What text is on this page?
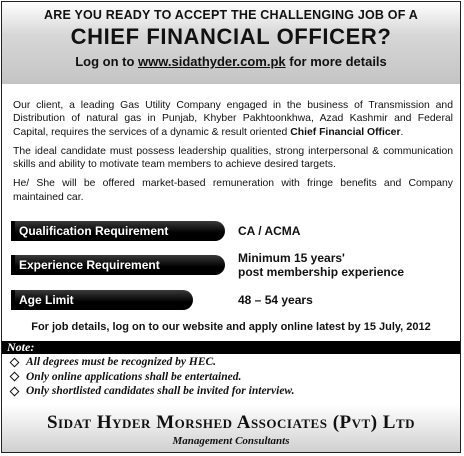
ARE YOU READY TO ACCEPT THE CHALLENGING JOB OF A
CHIEF FINANCIAL OFFICER?
Log on to www.sidathyder.com.pk for more details

Our client, a leading Gas Utility Company engaged in the business of Transmission and Distribution of natural gas in Punjab, Khyber Pakhtoonkhwa, Azad Kashmir and Federal Capital, requires the services of a dynamic & result oriented Chief Financial Officer.

The ideal candidate must possess leadership qualities, strong interpersonal & communication skills and ability to motivate team members to achieve desired targets.

He/ She will be offered market-based remuneration with fringe benefits and Company maintained car.

Qualification Requirement	CA / ACMA
Experience Requirement	Minimum 15 years'
post membership experience
Age Limit	48 – 54 years
For job details, log on to our website and apply online latest by 15 July, 2012
Note:
All degrees must be recognized by HEC.
Only online applications shall be entertained.
Only shortlisted candidates shall be invited for interview.
Sidat Hyder Morshed Associates (Pvt) Ltd
Management Consultants
